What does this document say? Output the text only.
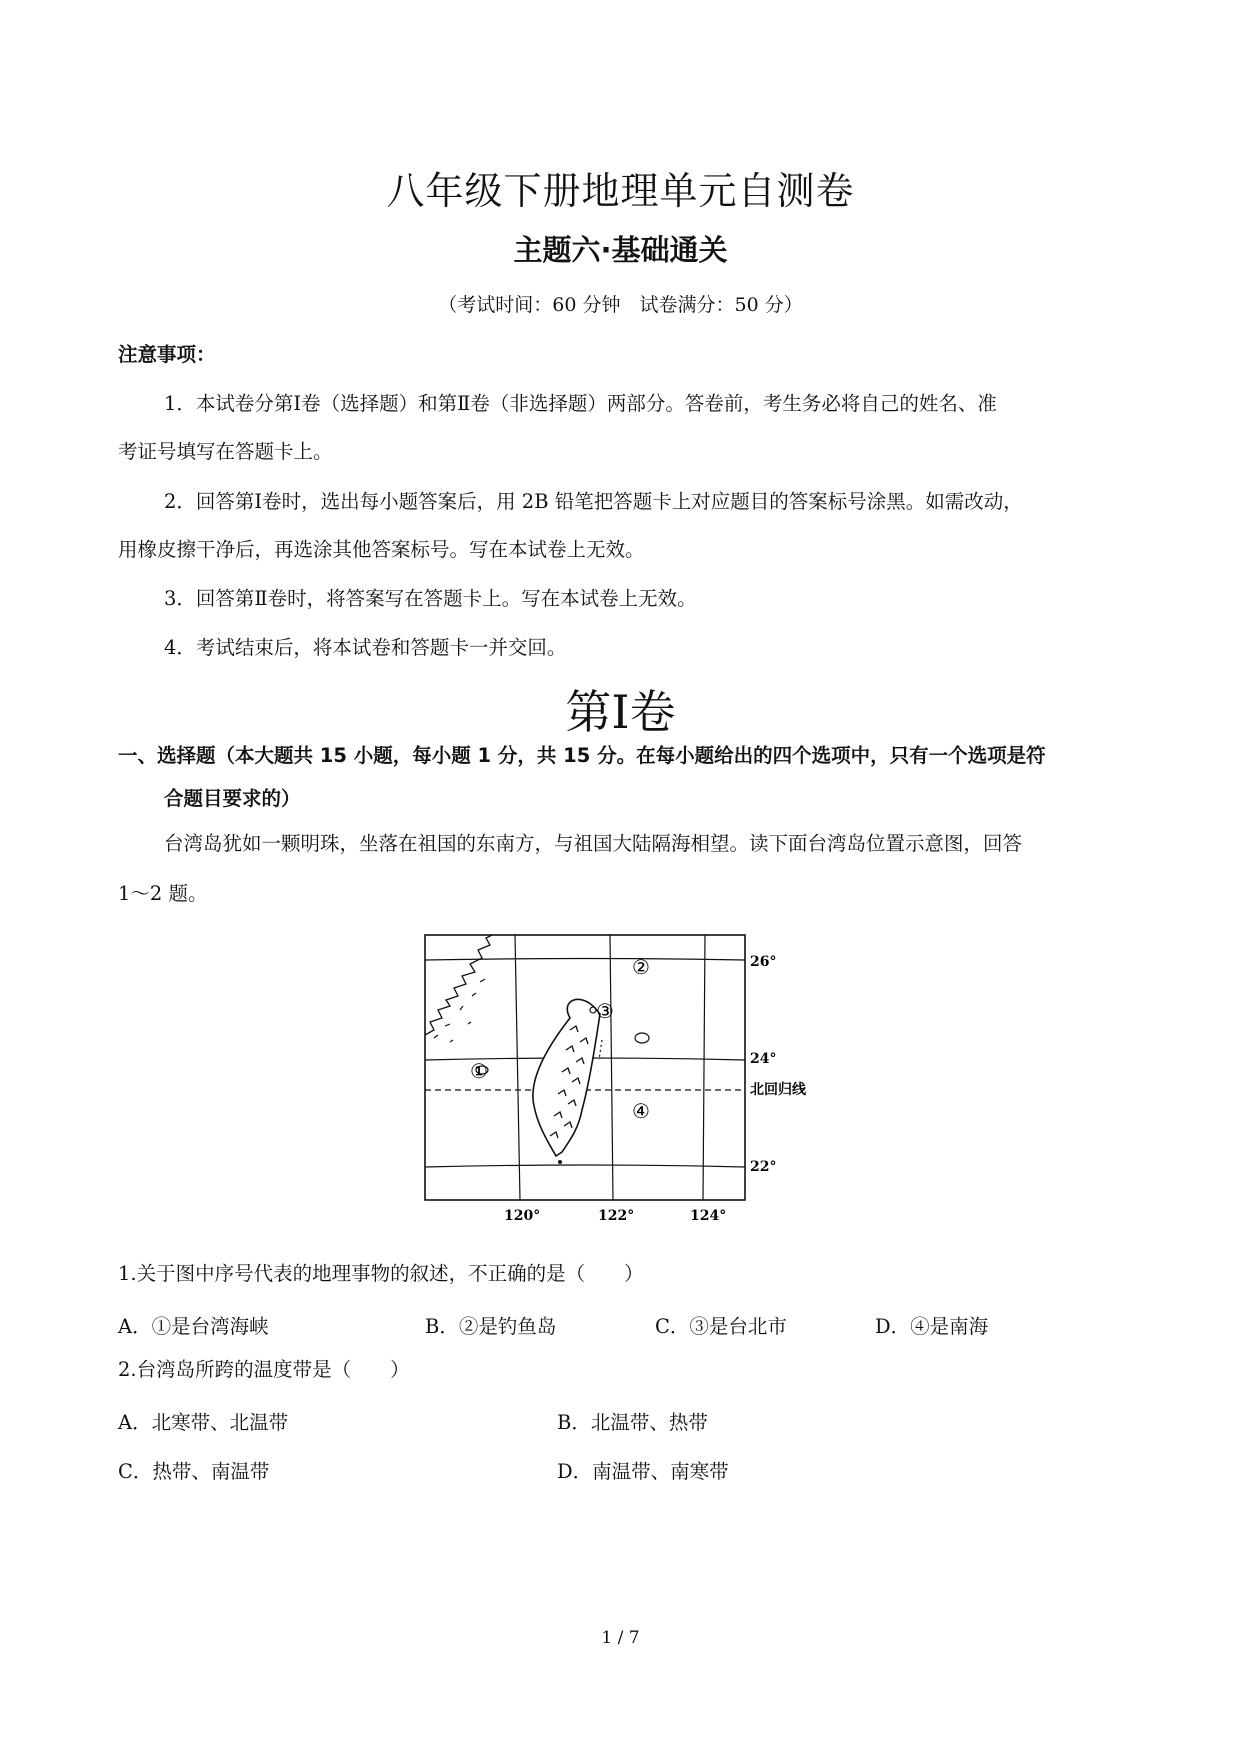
八年级下册地理单元自测卷
主题六·基础通关
（考试时间：60 分钟　试卷满分：50 分）
注意事项：
1．本试卷分第Ⅰ卷（选择题）和第Ⅱ卷（非选择题）两部分。答卷前，考生务必将自己的姓名、准
考证号填写在答题卡上。
2．回答第Ⅰ卷时，选出每小题答案后，用 2B 铅笔把答题卡上对应题目的答案标号涂黑。如需改动，
用橡皮擦干净后，再选涂其他答案标号。写在本试卷上无效。
3．回答第Ⅱ卷时，将答案写在答题卡上。写在本试卷上无效。
4．考试结束后，将本试卷和答题卡一并交回。
第Ⅰ卷
一、选择题（本大题共 15 小题，每小题 1 分，共 15 分。在每小题给出的四个选项中，只有一个选项是符
合题目要求的）
台湾岛犹如一颗明珠，坐落在祖国的东南方，与祖国大陆隔海相望。读下面台湾岛位置示意图，回答
1～2 题。
①
②
③
④
26°
24°
22°
北回归线
120°	122°	124°
1.关于图中序号代表的地理事物的叙述，不正确的是（　　）
A．①是台湾海峡	B．②是钓鱼岛	C．③是台北市	D．④是南海
2.台湾岛所跨的温度带是（　　）
A．北寒带、北温带	B．北温带、热带
C．热带、南温带	D．南温带、南寒带
1 / 7
